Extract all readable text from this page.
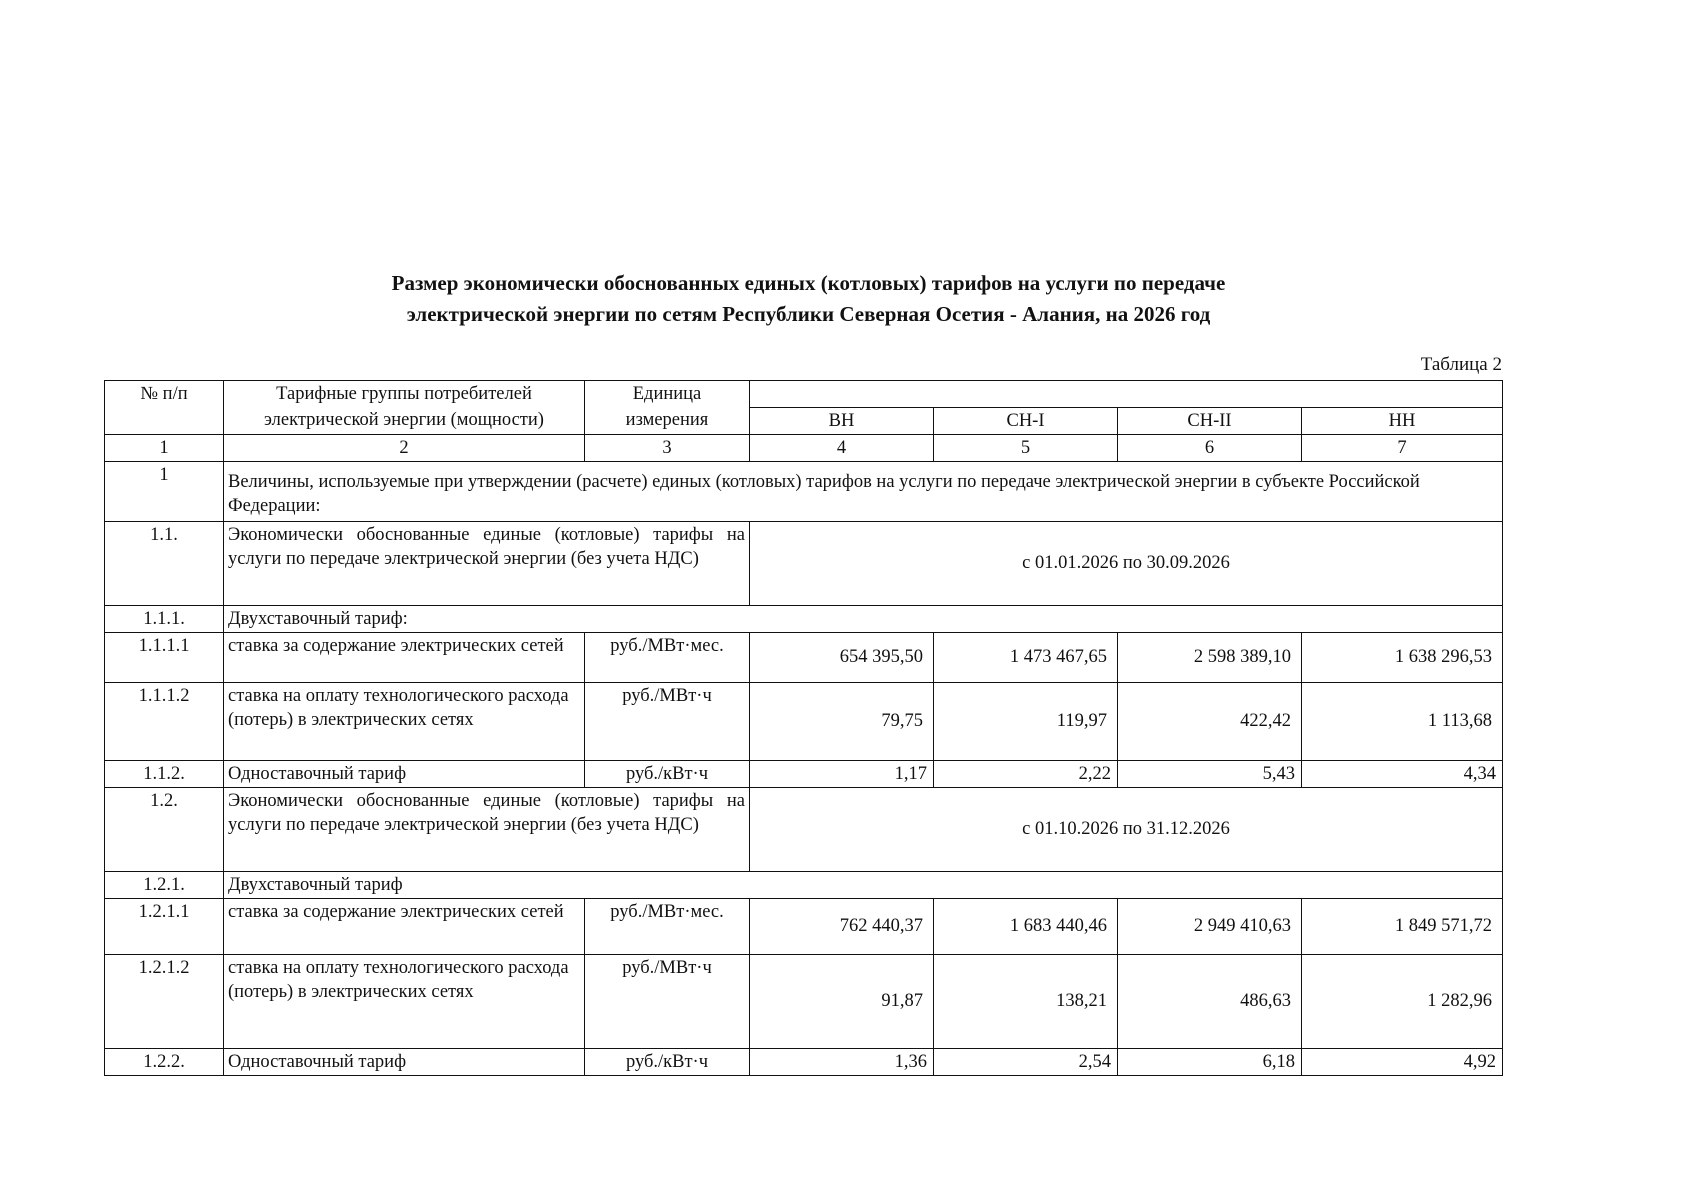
Размер экономически обоснованных единых (котловых) тарифов на услуги по передаче
электрической энергии по сетям Республики Северная Осетия - Алания, на 2026 год
Таблица 2
№ п/п	Тарифные группы потребителей	Единица				
	электрической энергии (мощности)	измерения	ВН	СН-I	СН-II	НН
1	2	3	4	5	6	7
1	Величины, используемые при утверждении (расчете) единых (котловых) тарифов на услуги по передаче электрической энергии в субъекте Российской Федерации:					
1.1.	Экономически обоснованные единые (котловые) тарифы на услуги по передаче электрической энергии (без учета НДС)		с 01.01.2026 по 30.09.2026			
1.1.1.	Двухставочный тариф:					
1.1.1.1	ставка за содержание электрических сетей	руб./МВт·мес.	654 395,50	1 473 467,65	2 598 389,10	1 638 296,53
1.1.1.2	ставка на оплату технологического расхода (потерь) в электрических сетях	руб./МВт·ч	79,75	119,97	422,42	1 113,68
1.1.2.	Одноставочный тариф	руб./кВт·ч	1,17	2,22	5,43	4,34
1.2.	Экономически обоснованные единые (котловые) тарифы на услуги по передаче электрической энергии (без учета НДС)		с 01.10.2026 по 31.12.2026			
1.2.1.	Двухставочный тариф					
1.2.1.1	ставка за содержание электрических сетей	руб./МВт·мес.	762 440,37	1 683 440,46	2 949 410,63	1 849 571,72
1.2.1.2	ставка на оплату технологического расхода (потерь) в электрических сетях	руб./МВт·ч	91,87	138,21	486,63	1 282,96
1.2.2.	Одноставочный тариф	руб./кВт·ч	1,36	2,54	6,18	4,92
